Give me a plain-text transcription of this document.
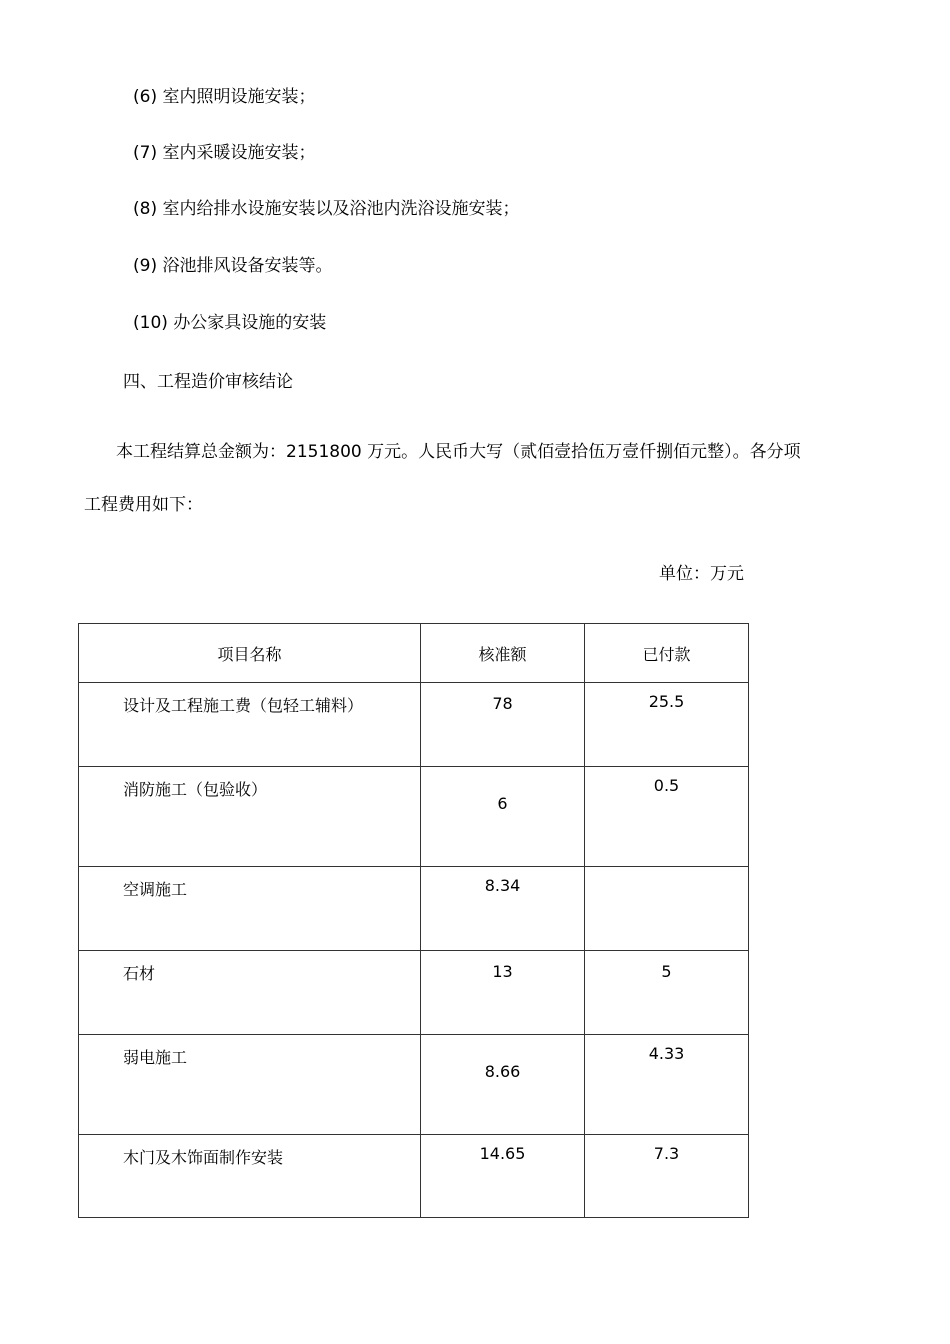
(6) 室内照明设施安装；
(7) 室内采暖设施安装；
(8) 室内给排水设施安装以及浴池内洗浴设施安装；
(9) 浴池排风设备安装等。
(10) 办公家具设施的安装
四、工程造价审核结论
本工程结算总金额为：2151800 万元。人民币大写（贰佰壹拾伍万壹仟捌佰元整）。各分项
工程费用如下：
单位：万元
项目名称	核准额	已付款
设计及工程施工费（包轻工辅料）	78	25.5
消防施工（包验收）	6	0.5
空调施工	8.34	
石材	13	5
弱电施工	8.66	4.33
木门及木饰面制作安装	14.65	7.3
